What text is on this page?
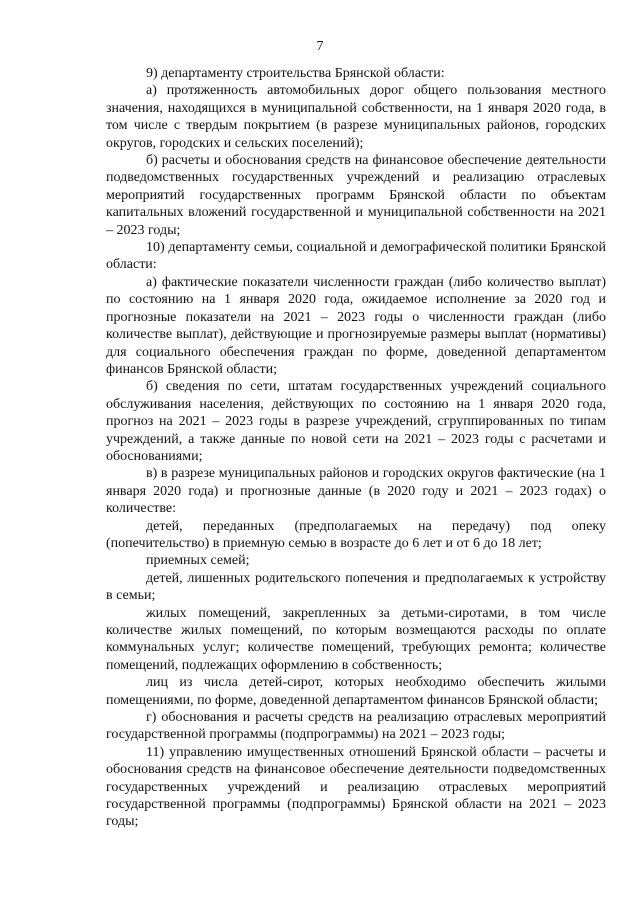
7

9) департаменту строительства Брянской области:

а) протяженность автомобильных дорог общего пользования местного значения, находящихся в муниципальной собственности, на 1 января 2020 года, в том числе с твердым покрытием (в разрезе муниципальных районов, городских округов, городских и сельских поселений);

б) расчеты и обоснования средств на финансовое обеспечение деятельности подведомственных государственных учреждений и реализацию отраслевых мероприятий государственных программ Брянской области по объектам капитальных вложений государственной и муниципальной собственности на 2021 – 2023 годы;

10) департаменту семьи, социальной и демографической политики Брянской области:

а) фактические показатели численности граждан (либо количество выплат) по состоянию на 1 января 2020 года, ожидаемое исполнение за 2020 год и прогнозные показатели на 2021 – 2023 годы о численности граждан (либо количестве выплат), действующие и прогнозируемые размеры выплат (нормативы) для социального обеспечения граждан по форме, доведенной департаментом финансов Брянской области;

б) сведения по сети, штатам государственных учреждений социального обслуживания населения, действующих по состоянию на 1 января 2020 года, прогноз на 2021 – 2023 годы в разрезе учреждений, сгруппированных по типам учреждений, а также данные по новой сети на 2021 – 2023 годы с расчетами и обоснованиями;

в) в разрезе муниципальных районов и городских округов фактические (на 1 января 2020 года) и прогнозные данные (в 2020 году и 2021 – 2023 годах) о количестве:

детей, переданных (предполагаемых на передачу) под опеку (попечительство) в приемную семью в возрасте до 6 лет и от 6 до 18 лет;

приемных семей;

детей, лишенных родительского попечения и предполагаемых к устройству в семьи;

жилых помещений, закрепленных за детьми-сиротами, в том числе количестве жилых помещений, по которым возмещаются расходы по оплате коммунальных услуг; количестве помещений, требующих ремонта; количестве помещений, подлежащих оформлению в собственность;

лиц из числа детей-сирот, которых необходимо обеспечить жилыми помещениями, по форме, доведенной департаментом финансов Брянской области;

г) обоснования и расчеты средств на реализацию отраслевых мероприятий государственной программы (подпрограммы) на 2021 – 2023 годы;

11) управлению имущественных отношений Брянской области – расчеты и обоснования средств на финансовое обеспечение деятельности подведомственных государственных учреждений и реализацию отраслевых мероприятий государственной программы (подпрограммы) Брянской области на 2021 – 2023 годы;
